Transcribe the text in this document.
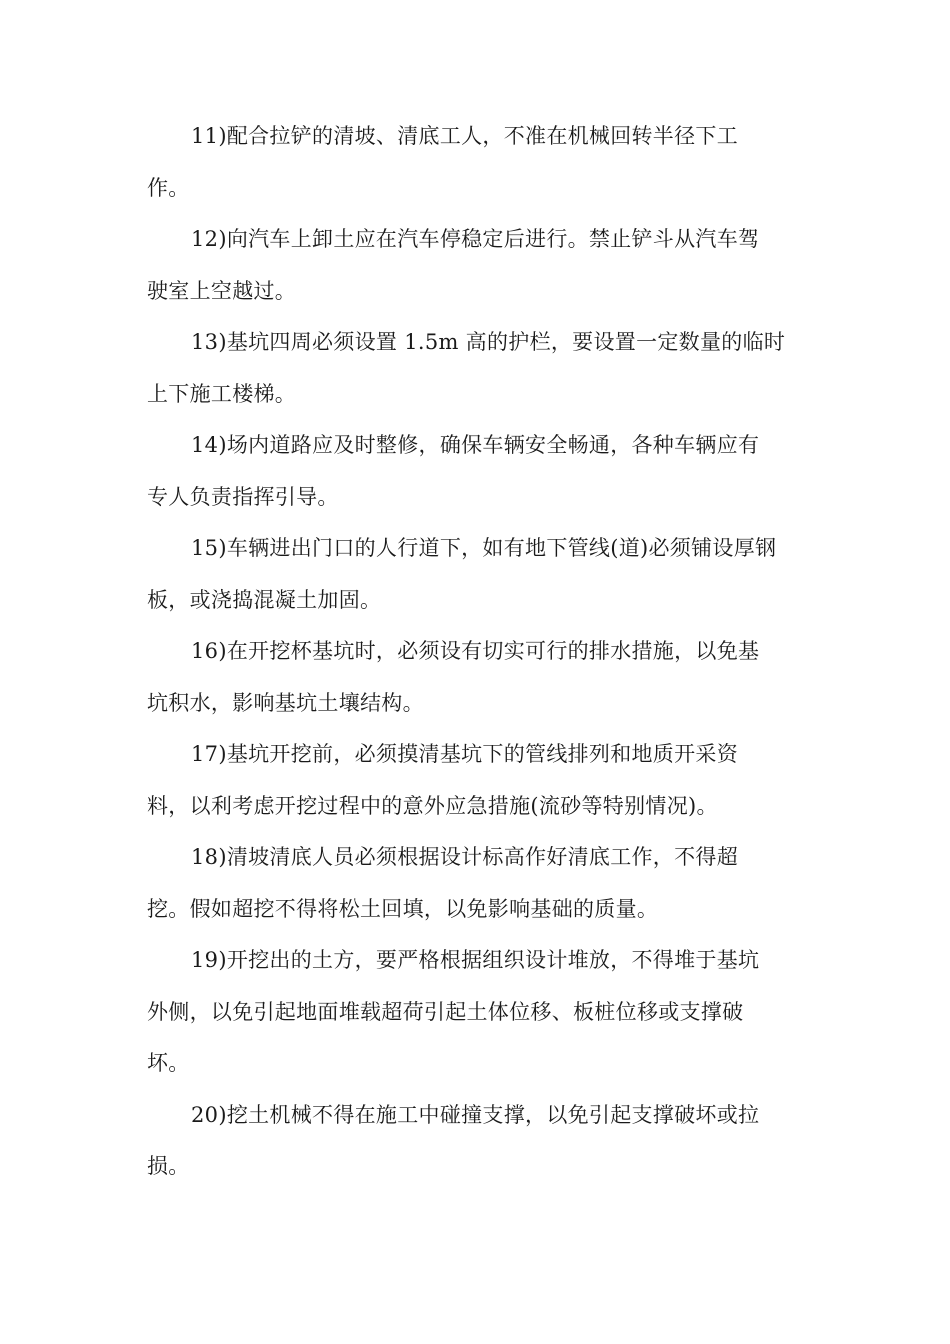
11)配合拉铲的清坡、清底工人，不准在机械回转半径下工
作。
12)向汽车上卸土应在汽车停稳定后进行。禁止铲斗从汽车驾
驶室上空越过。
13)基坑四周必须设置 1.5m 高的护栏，要设置一定数量的临时
上下施工楼梯。
14)场内道路应及时整修，确保车辆安全畅通，各种车辆应有
专人负责指挥引导。
15)车辆进出门口的人行道下，如有地下管线(道)必须铺设厚钢
板，或浇捣混凝土加固。
16)在开挖杯基坑时，必须设有切实可行的排水措施，以免基
坑积水，影响基坑土壤结构。
17)基坑开挖前，必须摸清基坑下的管线排列和地质开采资
料，以利考虑开挖过程中的意外应急措施(流砂等特别情况)。
18)清坡清底人员必须根据设计标高作好清底工作，不得超
挖。假如超挖不得将松土回填，以免影响基础的质量。
19)开挖出的土方，要严格根据组织设计堆放，不得堆于基坑
外侧，以免引起地面堆载超荷引起土体位移、板桩位移或支撑破
坏。
20)挖土机械不得在施工中碰撞支撑，以免引起支撑破坏或拉
损。
